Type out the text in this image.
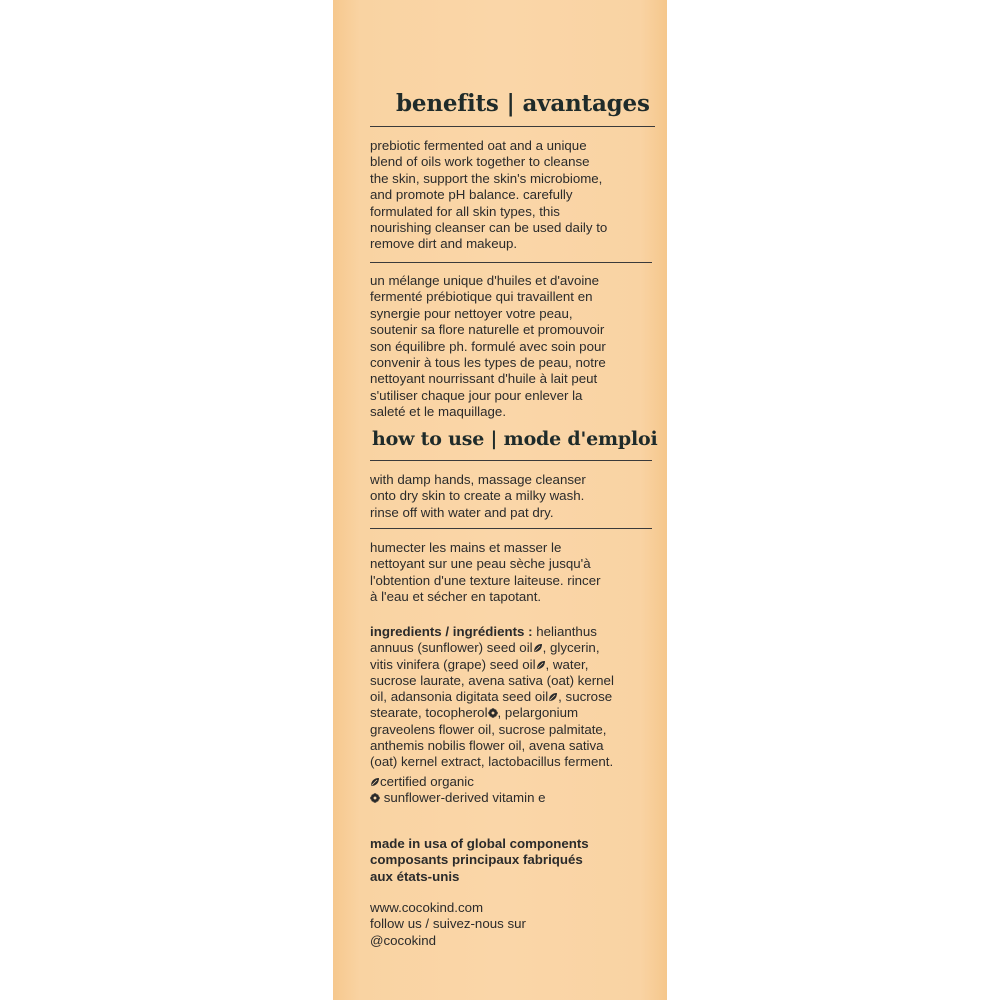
benefits | avantages
prebiotic fermented oat and a unique
blend of oils work together to cleanse
the skin, support the skin's microbiome,
and promote pH balance. carefully
formulated for all skin types, this
nourishing cleanser can be used daily to
remove dirt and makeup.
un mélange unique d'huiles et d'avoine
fermenté prébiotique qui travaillent en
synergie pour nettoyer votre peau,
soutenir sa flore naturelle et promouvoir
son équilibre ph. formulé avec soin pour
convenir à tous les types de peau, notre
nettoyant nourrissant d'huile à lait peut
s'utiliser chaque jour pour enlever la
saleté et le maquillage.
how to use | mode d'emploi
with damp hands, massage cleanser
onto dry skin to create a milky wash.
rinse off with water and pat dry.
humecter les mains et masser le
nettoyant sur une peau sèche jusqu'à
l'obtention d'une texture laiteuse. rincer
à l'eau et sécher en tapotant.
ingredients / ingrédients : helianthus
annuus (sunflower) seed oil , glycerin,
vitis vinifera (grape) seed oil , water,
sucrose laurate, avena sativa (oat) kernel
oil, adansonia digitata seed oil , sucrose
stearate, tocopherol , pelargonium
graveolens flower oil, sucrose palmitate,
anthemis nobilis flower oil, avena sativa
(oat) kernel extract, lactobacillus ferment.
certified organic
sunflower-derived vitamin e
made in usa of global components
composants principaux fabriqués
aux états-unis
www.cocokind.com
follow us / suivez-nous sur
@cocokind
